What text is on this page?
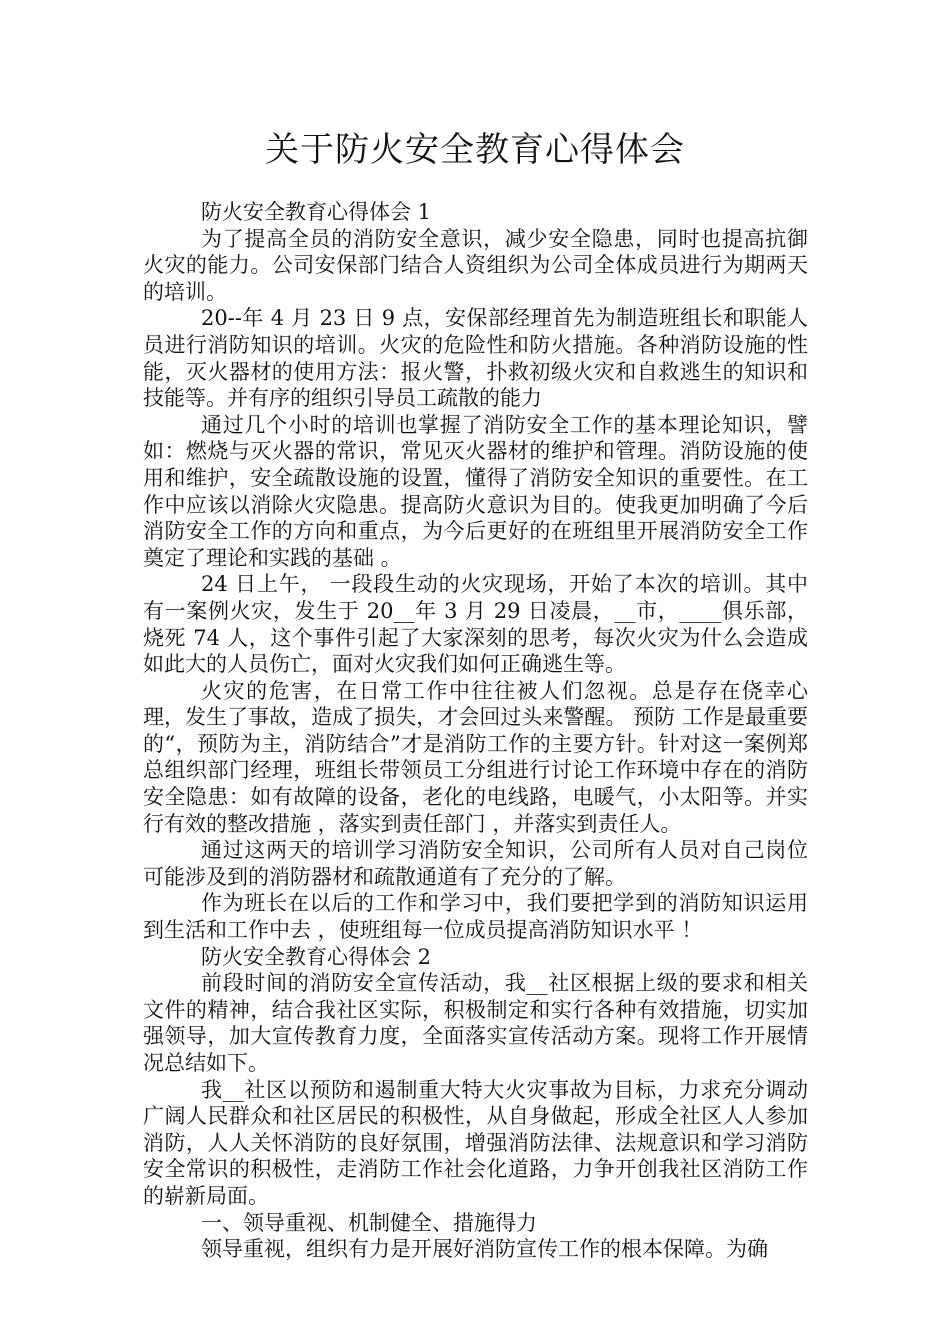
关于防火安全教育心得体会

防火安全教育心得体会 1

为了提高全员的消防安全意识，减少安全隐患，同时也提高抗御火灾的能力。公司安保部门结合人资组织为公司全体成员进行为期两天的培训。

20--年 4 月 23 日 9 点，安保部经理首先为制造班组长和职能人员进行消防知识的培训。火灾的危险性和防火措施。各种消防设施的性能，灭火器材的使用方法：报火警，扑救初级火灾和自救逃生的知识和技能等。并有序的组织引导员工疏散的能力

通过几个小时的培训也掌握了消防安全工作的基本理论知识，譬如：燃烧与灭火器的常识，常见灭火器材的维护和管理。消防设施的使用和维护，安全疏散设施的设置，懂得了消防安全知识的重要性。在工作中应该以消除火灾隐患。提高防火意识为目的。使我更加明确了今后消防安全工作的方向和重点，为今后更好的在班组里开展消防安全工作奠定了理论和实践的基础 。

24 日上午， 一段段生动的火灾现场，开始了本次的培训。其中有一案例火灾，发生于 20__年 3 月 29 日凌晨，__市，____俱乐部，烧死 74 人，这个事件引起了大家深刻的思考，每次火灾为什么会造成如此大的人员伤亡，面对火灾我们如何正确逃生等。

火灾的危害，在日常工作中往往被人们忽视。总是存在侥幸心理，发生了事故，造成了损失，才会回过头来警醒。 预防 工作是最重要的“，预防为主，消防结合”才是消防工作的主要方针。针对这一案例郑总组织部门经理，班组长带领员工分组进行讨论工作环境中存在的消防安全隐患：如有故障的设备，老化的电线路，电暖气，小太阳等。并实行有效的整改措施 ，落实到责任部门 ，并落实到责任人。

通过这两天的培训学习消防安全知识，公司所有人员对自己岗位可能涉及到的消防器材和疏散通道有了充分的了解。

作为班长在以后的工作和学习中，我们要把学到的消防知识运用到生活和工作中去 ，使班组每一位成员提高消防知识水平 ！

防火安全教育心得体会 2

前段时间的消防安全宣传活动，我__社区根据上级的要求和相关文件的精神，结合我社区实际，积极制定和实行各种有效措施，切实加强领导，加大宣传教育力度，全面落实宣传活动方案。现将工作开展情况总结如下。

我__社区以预防和遏制重大特大火灾事故为目标，力求充分调动广阔人民群众和社区居民的积极性，从自身做起，形成全社区人人参加消防，人人关怀消防的良好氛围，增强消防法律、法规意识和学习消防安全常识的积极性，走消防工作社会化道路，力争开创我社区消防工作的崭新局面。

一、领导重视、机制健全、措施得力

领导重视，组织有力是开展好消防宣传工作的根本保障。为确
